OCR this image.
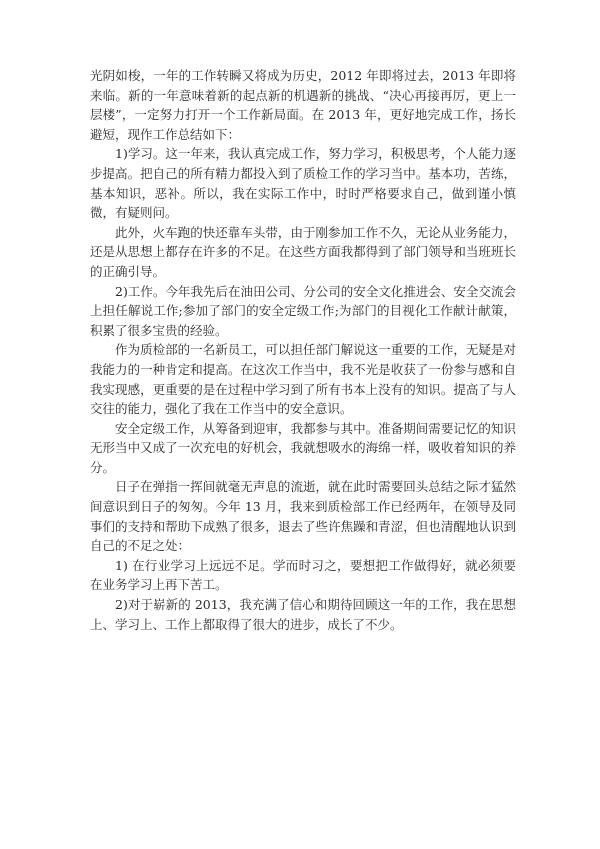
光阴如梭，一年的工作转瞬又将成为历史，2012 年即将过去，2013 年即将来临。新的一年意味着新的起点新的机遇新的挑战、“决心再接再厉，更上一层楼”，一定努力打开一个工作新局面。在 2013 年，更好地完成工作，扬长避短，现作工作总结如下：

1)学习。这一年来，我认真完成工作，努力学习，积极思考，个人能力逐步提高。把自己的所有精力都投入到了质检工作的学习当中。基本功，苦练，基本知识，恶补。所以，我在实际工作中，时时严格要求自己，做到谨小慎微，有疑则问。

此外，火车跑的快还靠车头带，由于刚参加工作不久，无论从业务能力，还是从思想上都存在许多的不足。在这些方面我都得到了部门领导和当班班长的正确引导。

2)工作。今年我先后在油田公司、分公司的安全文化推进会、安全交流会上担任解说工作;参加了部门的安全定级工作;为部门的目视化工作献计献策，积累了很多宝贵的经验。

作为质检部的一名新员工，可以担任部门解说这一重要的工作，无疑是对我能力的一种肯定和提高。在这次工作当中，我不光是收获了一份参与感和自我实现感，更重要的是在过程中学习到了所有书本上没有的知识。提高了与人交往的能力，强化了我在工作当中的安全意识。

安全定级工作，从筹备到迎审，我都参与其中。准备期间需要记忆的知识无形当中又成了一次充电的好机会，我就想吸水的海绵一样，吸收着知识的养分。

日子在弹指一挥间就毫无声息的流逝，就在此时需要回头总结之际才猛然间意识到日子的匆匆。今年 13 月，我来到质检部工作已经两年，在领导及同事们的支持和帮助下成熟了很多，退去了些许焦躁和青涩，但也清醒地认识到自己的不足之处：

1) 在行业学习上远远不足。学而时习之，要想把工作做得好，就必须要在业务学习上再下苦工。

2)对于崭新的 2013，我充满了信心和期待回顾这一年的工作，我在思想上、学习上、工作上都取得了很大的进步，成长了不少。
